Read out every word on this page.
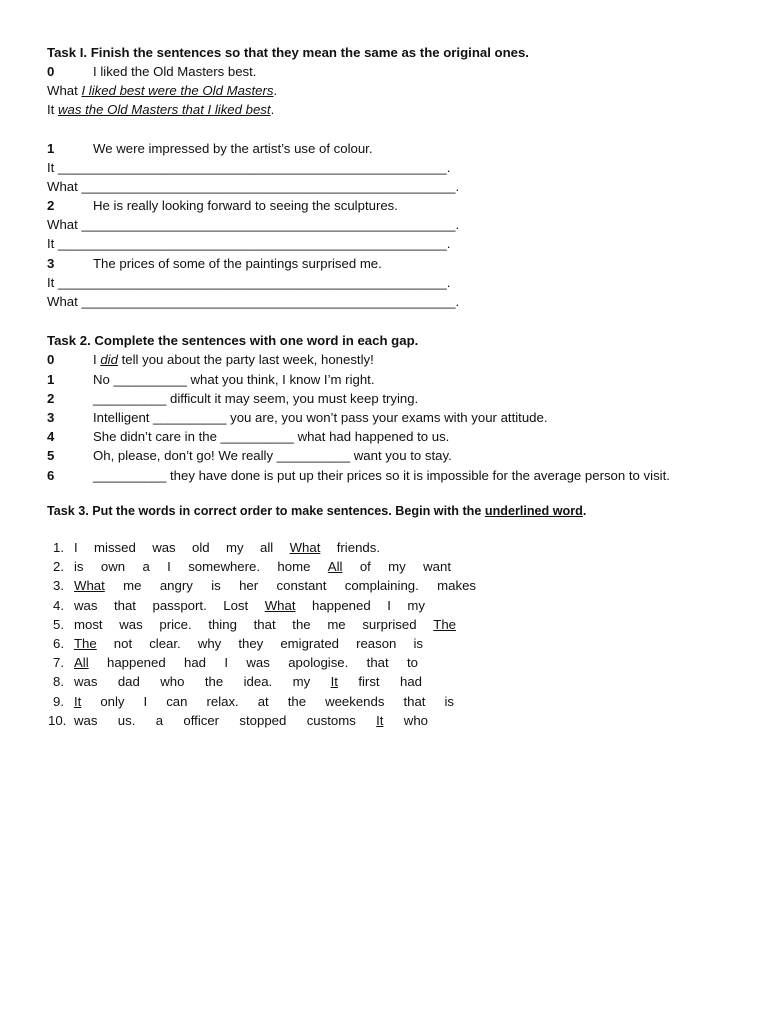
Task I. Finish the sentences so that they mean the same as the original ones.
0	I liked the Old Masters best.
What I liked best were the Old Masters.
It was the Old Masters that I liked best.
1	We were impressed by the artist’s use of colour.
It _____________________________________________________.
What ___________________________________________________.
2	He is really looking forward to seeing the sculptures.
What ___________________________________________________.
It _____________________________________________________.
3	The prices of some of the paintings surprised me.
It _____________________________________________________.
What ___________________________________________________.
Task 2. Complete the sentences with one word in each gap.
0	I did tell you about the party last week, honestly!
1	No __________ what you think, I know I’m right.
2	__________ difficult it may seem, you must keep trying.
3	Intelligent __________ you are, you won’t pass your exams with your attitude.
4	She didn’t care in the __________ what had happened to us.
5	Oh, please, don’t go! We really __________ want you to stay.
6	__________ they have done is put up their prices so it is impossible for the average person to visit.
Task 3. Put the words in correct order to make sentences. Begin with the underlined word.
1. I missed was old my all What friends.
2. is own a I somewhere. home All of my want
3. What me angry is her constant complaining. makes
4. was that passport. Lost What happened I my
5. most was price. thing that the me surprised The
6. The not clear. why they emigrated reason is
7. All happened had I was apologise. that to
8. was dad who the idea. my It first had
9. It only I can relax. at the weekends that is
10. was us. a officer stopped customs It who
